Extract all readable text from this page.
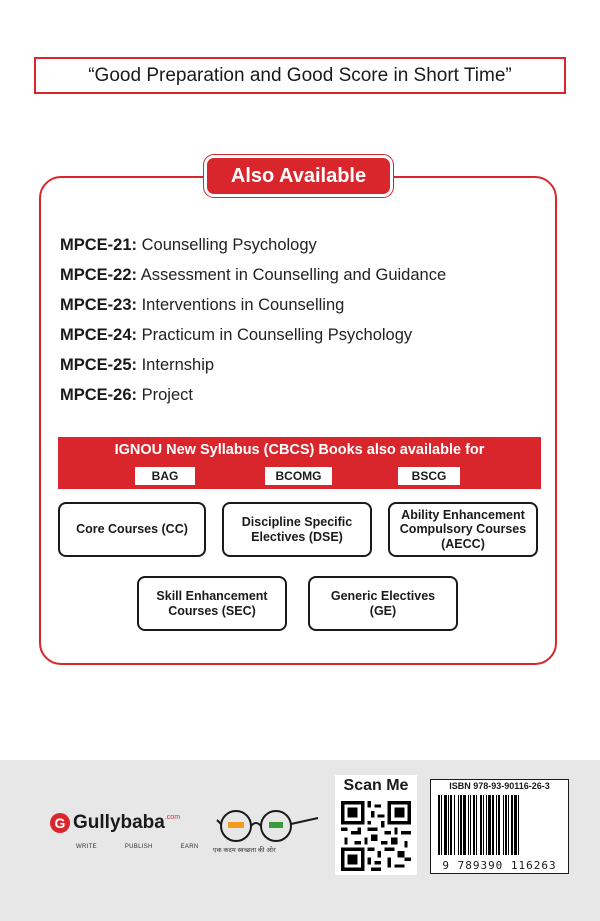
“Good Preparation and Good Score in Short Time”
Also Available
MPCE-21: Counselling Psychology
MPCE-22: Assessment in Counselling and Guidance
MPCE-23: Interventions in Counselling
MPCE-24: Practicum in Counselling Psychology
MPCE-25: Internship
MPCE-26: Project
IGNOU New Syllabus (CBCS) Books also available for
BAG	BCOMG	BSCG
Core Courses (CC)
Discipline Specific
Electives (DSE)
Ability Enhancement
Compulsory Courses
(AECC)
Skill Enhancement
Courses (SEC)
Generic Electives
(GE)
G Gullybaba .com
WRITE	PUBLISH	EARN एक कदम स्वच्छता की ओर
Scan Me	ISBN 978-93-90116-26-3
9 789390 116263
